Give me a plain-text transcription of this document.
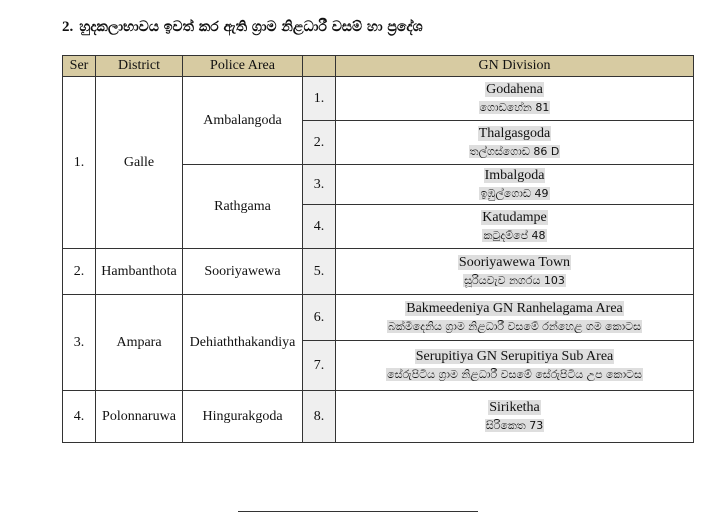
2. හුදකලාභාවය ඉවත් කර ඇති ග්‍රාම නිළධාරී වසම් හා ප්‍රදේශ
Ser	District	Police Area		GN Division
1.	Galle	Ambalangoda	1.	Godahena
ගොඩහේන 81

			2.	Thalgasgoda
තල්ගස්ගොඩ 86 D

		Rathgama	3.	Imbalgoda
ඉඹුල්ගොඩ 49

			4.	Katudampe
කටුදම්පේ 48

2.	Hambanthota	Sooriyawewa	5.	Sooriyawewa Town
සූරියවැව නගරය 103

3.	Ampara	Dehiaththakandiya	6.	Bakmeedeniya GN Ranhelagama Area
බක්මීදෙනිය ග්‍රාම නිළධාරී වසමේ රන්හෙළ ගම කොටස

			7.	Serupitiya GN Serupitiya Sub Area
සේරුපිටිය ග්‍රාම නිළධාරී වසමේ සේරුපිටිය උප කොටස

4.	Polonnaruwa	Hingurakgoda	8.	Siriketha
සිරිකෙත 73
